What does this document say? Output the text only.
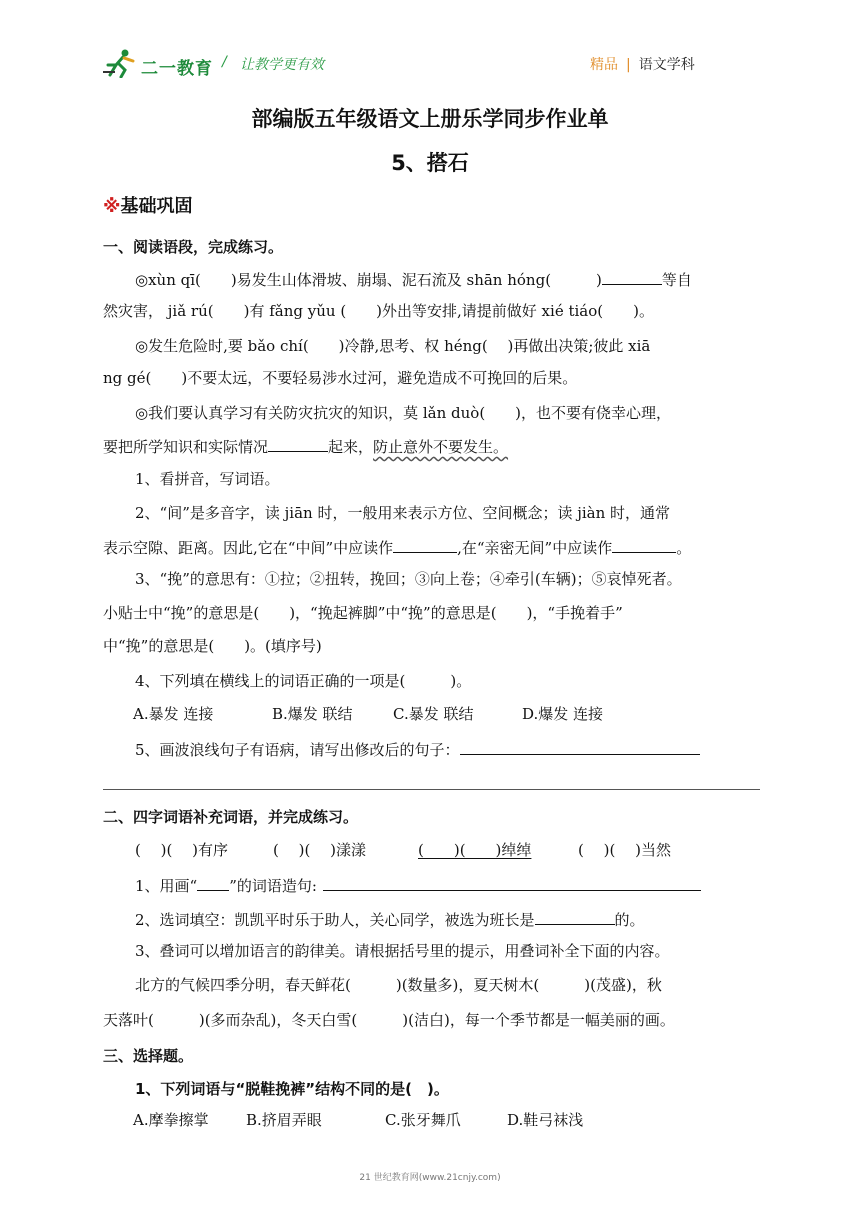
二一教育 / 让教学更有效	精品 | 语文学科
部编版五年级语文上册乐学同步作业单
5、搭石
※基础巩固
一、阅读语段，完成练习。
◎xùn qī(　　)易发生山体滑坡、崩塌、泥石流及 shān hóng(　　　)	等自
然灾害， jiǎ rú(　　)有 fǎng yǔu (　　)外出等安排,请提前做好 xié tiáo(　　)。
◎发生危险时,要 bǎo chí(　　)冷静,思考、权 héng(　 )再做出决策;彼此 xiā
ng gé(　　)不要太远，不要轻易涉水过河，避免造成不可挽回的后果。
◎我们要认真学习有关防灾抗灾的知识，莫 lǎn duò(　　)，也不要有侥幸心理，
要把所学知识和实际情况	起来，防止意外不要发生。
1、看拼音，写词语。
2、“间”是多音字，读 jiān 时，一般用来表示方位、空间概念；读 jiàn 时，通常
表示空隙、距离。因此,它在“中间”中应读作	,在“亲密无间”中应读作	。
3、“挽”的意思有：①拉；②扭转，挽回；③向上卷；④牵引(车辆)；⑤哀悼死者。
小贴士中“挽”的意思是(　　)，“挽起裤脚”中“挽”的意思是(　　)，“手挽着手”
中“挽”的意思是(　　)。(填序号)
4、下列填在横线上的词语正确的一项是(　　　)。
A.暴发 连接	B.爆发 联结	C.暴发 联结	D.爆发 连接
5、画波浪线句子有语病，请写出修改后的句子：
二、四字词语补充词语，并完成练习。
(　 )(　 )有序	(　 )(　 )漾漾	(　　)(　　)绰绰	(　 )(　 )当然
1、用画“ ”的词语造句:
2、选词填空：凯凯平时乐于助人，关心同学，被选为班长是	的。
3、叠词可以增加语言的韵律美。请根据括号里的提示，用叠词补全下面的内容。
北方的气候四季分明，春天鲜花(　　　)(数量多)，夏天树木(　　　)(茂盛)，秋
天落叶(　　　)(多而杂乱)，冬天白雪(　　　)(洁白)，每一个季节都是一幅美丽的画。
三、选择题。
1、下列词语与“脱鞋挽裤”结构不同的是(　)。
A.摩拳擦掌 B.挤眉弄眼	C.张牙舞爪	D.鞋弓袜浅
21 世纪教育网(www.21cnjy.com)
